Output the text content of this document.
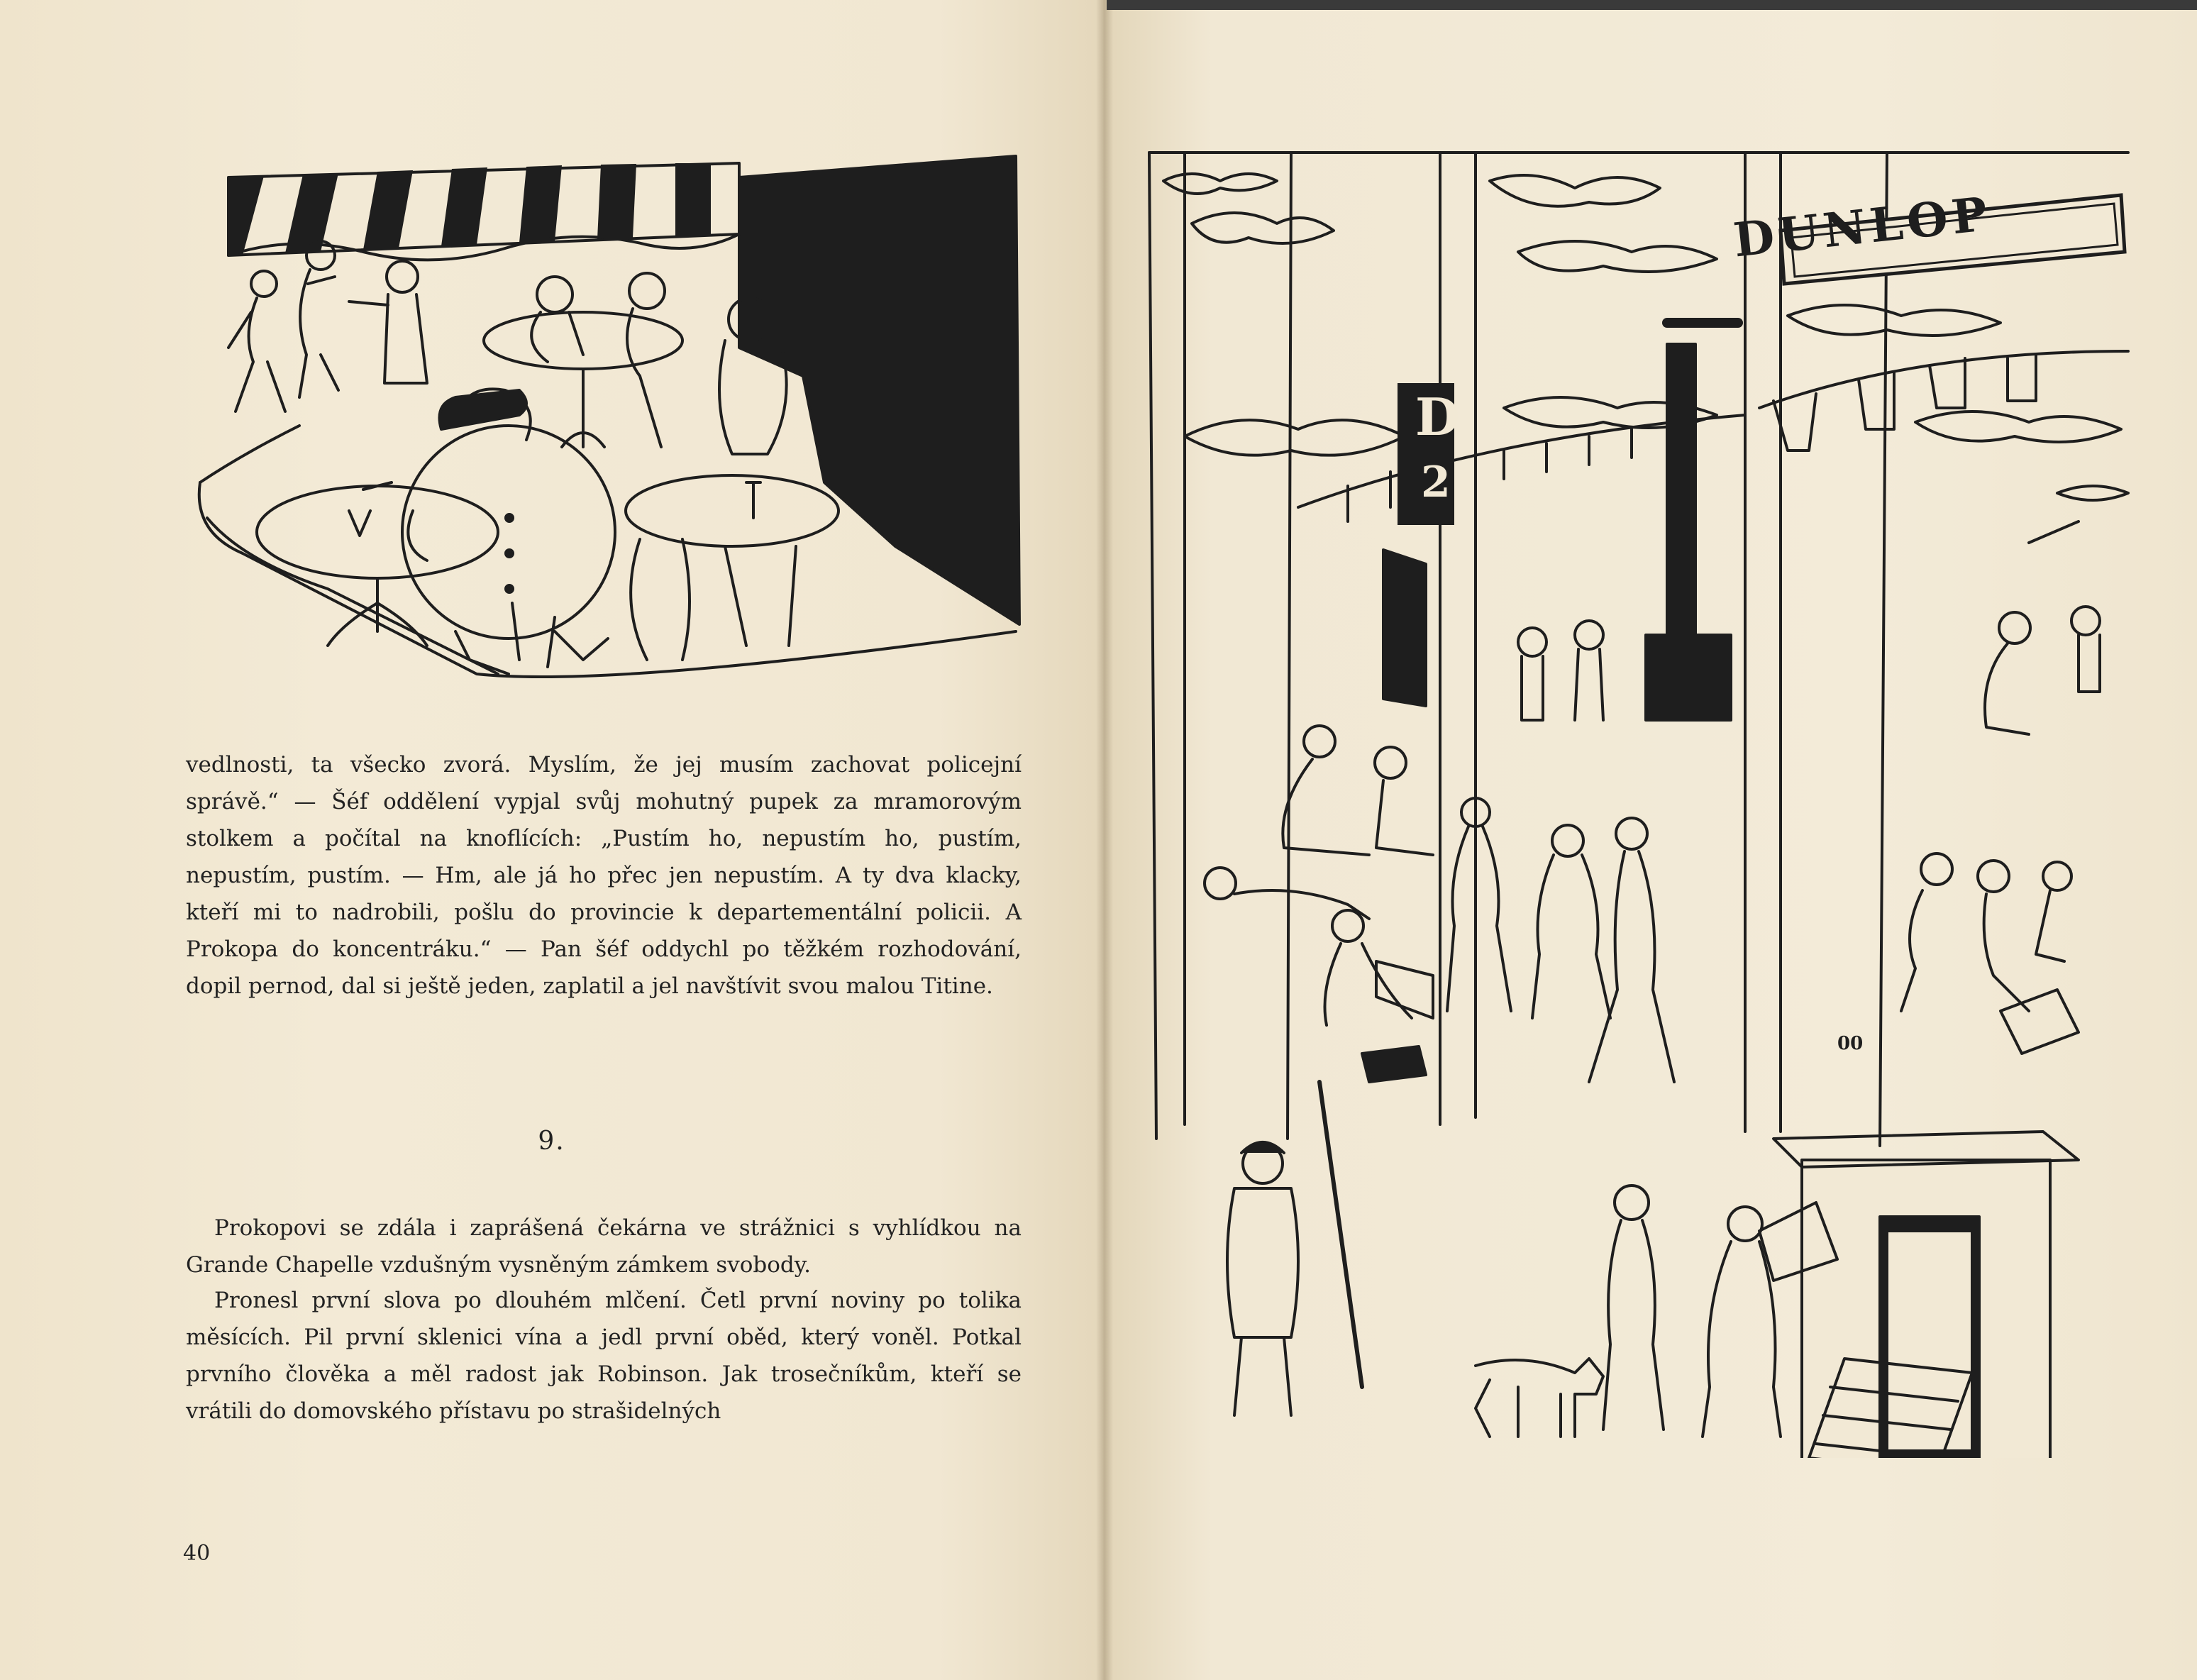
vedlnosti, ta všecko zvorá. Myslím, že jej musím zachovat policejní správě.“ — Šéf oddělení vypjal svůj mohutný pupek za mramorovým stolkem a počítal na knoflících: „Pustím ho, nepustím ho, pustím, nepustím, pustím. — Hm, ale já ho přec jen nepustím. A ty dva klacky, kteří mi to nadrobili, pošlu do provincie k departementální policii. A Prokopa do koncentráku.“ — Pan šéf oddychl po těžkém rozhodování, dopil pernod, dal si ještě jeden, zaplatil a jel navštívit svou malou Titine.
9.
Prokopovi se zdála i zaprášená čekárna ve strážnici s vyhlídkou na Grande Chapelle vzdušným vysněným zámkem svobody.
Pronesl první slova po dlouhém mlčení. Četl první noviny po tolika měsících. Pil první sklenici vína a jedl první oběd, který voněl. Potkal prvního člověka a měl radost jak Robinson. Jak trosečníkům, kteří se vrátili do domovského přístavu po strašidelných
40
DUNLOP
D
2
00
